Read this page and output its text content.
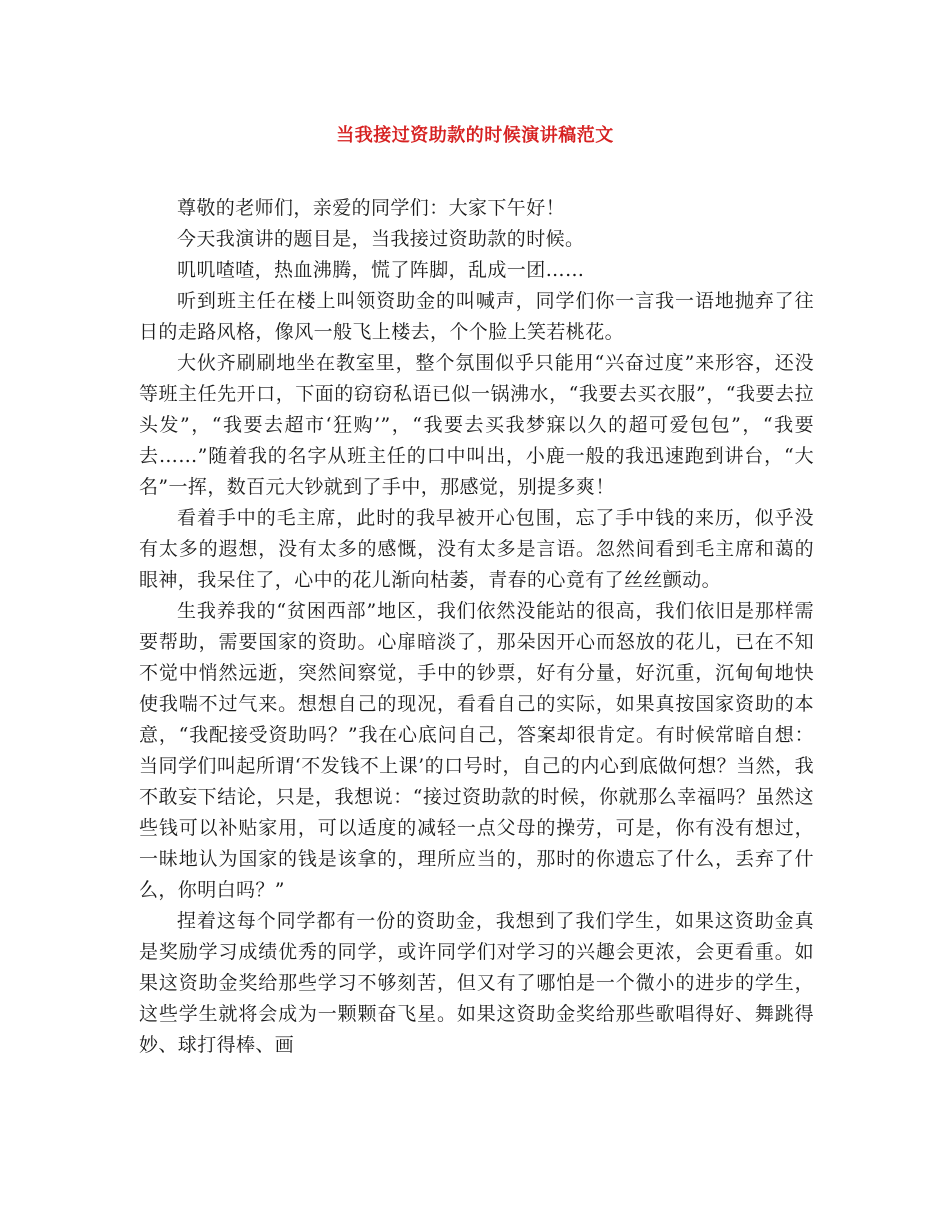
当我接过资助款的时候演讲稿范文

尊敬的老师们，亲爱的同学们：大家下午好！

今天我演讲的题目是，当我接过资助款的时候。

叽叽喳喳，热血沸腾，慌了阵脚，乱成一团……

听到班主任在楼上叫领资助金的叫喊声，同学们你一言我一语地抛弃了往日的走路风格，像风一般飞上楼去，个个脸上笑若桃花。

大伙齐刷刷地坐在教室里，整个氛围似乎只能用“兴奋过度”来形容，还没等班主任先开口，下面的窃窃私语已似一锅沸水，“我要去买衣服”，“我要去拉头发”，“我要去超市‘狂购’”，“我要去买我梦寐以久的超可爱包包”，“我要去……”随着我的名字从班主任的口中叫出，小鹿一般的我迅速跑到讲台，“大名”一挥，数百元大钞就到了手中，那感觉，别提多爽！

看着手中的毛主席，此时的我早被开心包围，忘了手中钱的来历，似乎没有太多的遐想，没有太多的感慨，没有太多是言语。忽然间看到毛主席和蔼的眼神，我呆住了，心中的花儿渐向枯萎，青春的心竟有了丝丝颤动。

生我养我的“贫困西部”地区，我们依然没能站的很高，我们依旧是那样需要帮助，需要国家的资助。心扉暗淡了，那朵因开心而怒放的花儿，已在不知不觉中悄然远逝，突然间察觉，手中的钞票，好有分量，好沉重，沉甸甸地快使我喘不过气来。想想自己的现况，看看自己的实际，如果真按国家资助的本意，“我配接受资助吗？”我在心底问自己，答案却很肯定。有时候常暗自想：当同学们叫起所谓‘不发钱不上课’的口号时，自己的内心到底做何想？当然，我不敢妄下结论，只是，我想说：“接过资助款的时候，你就那么幸福吗？虽然这些钱可以补贴家用，可以适度的减轻一点父母的操劳，可是，你有没有想过，一昧地认为国家的钱是该拿的，理所应当的，那时的你遗忘了什么，丢弃了什么，你明白吗？”

捏着这每个同学都有一份的资助金，我想到了我们学生，如果这资助金真是奖励学习成绩优秀的同学，或许同学们对学习的兴趣会更浓，会更看重。如果这资助金奖给那些学习不够刻苦，但又有了哪怕是一个微小的进步的学生，这些学生就将会成为一颗颗奋飞星。如果这资助金奖给那些歌唱得好、舞跳得妙、球打得棒、画
